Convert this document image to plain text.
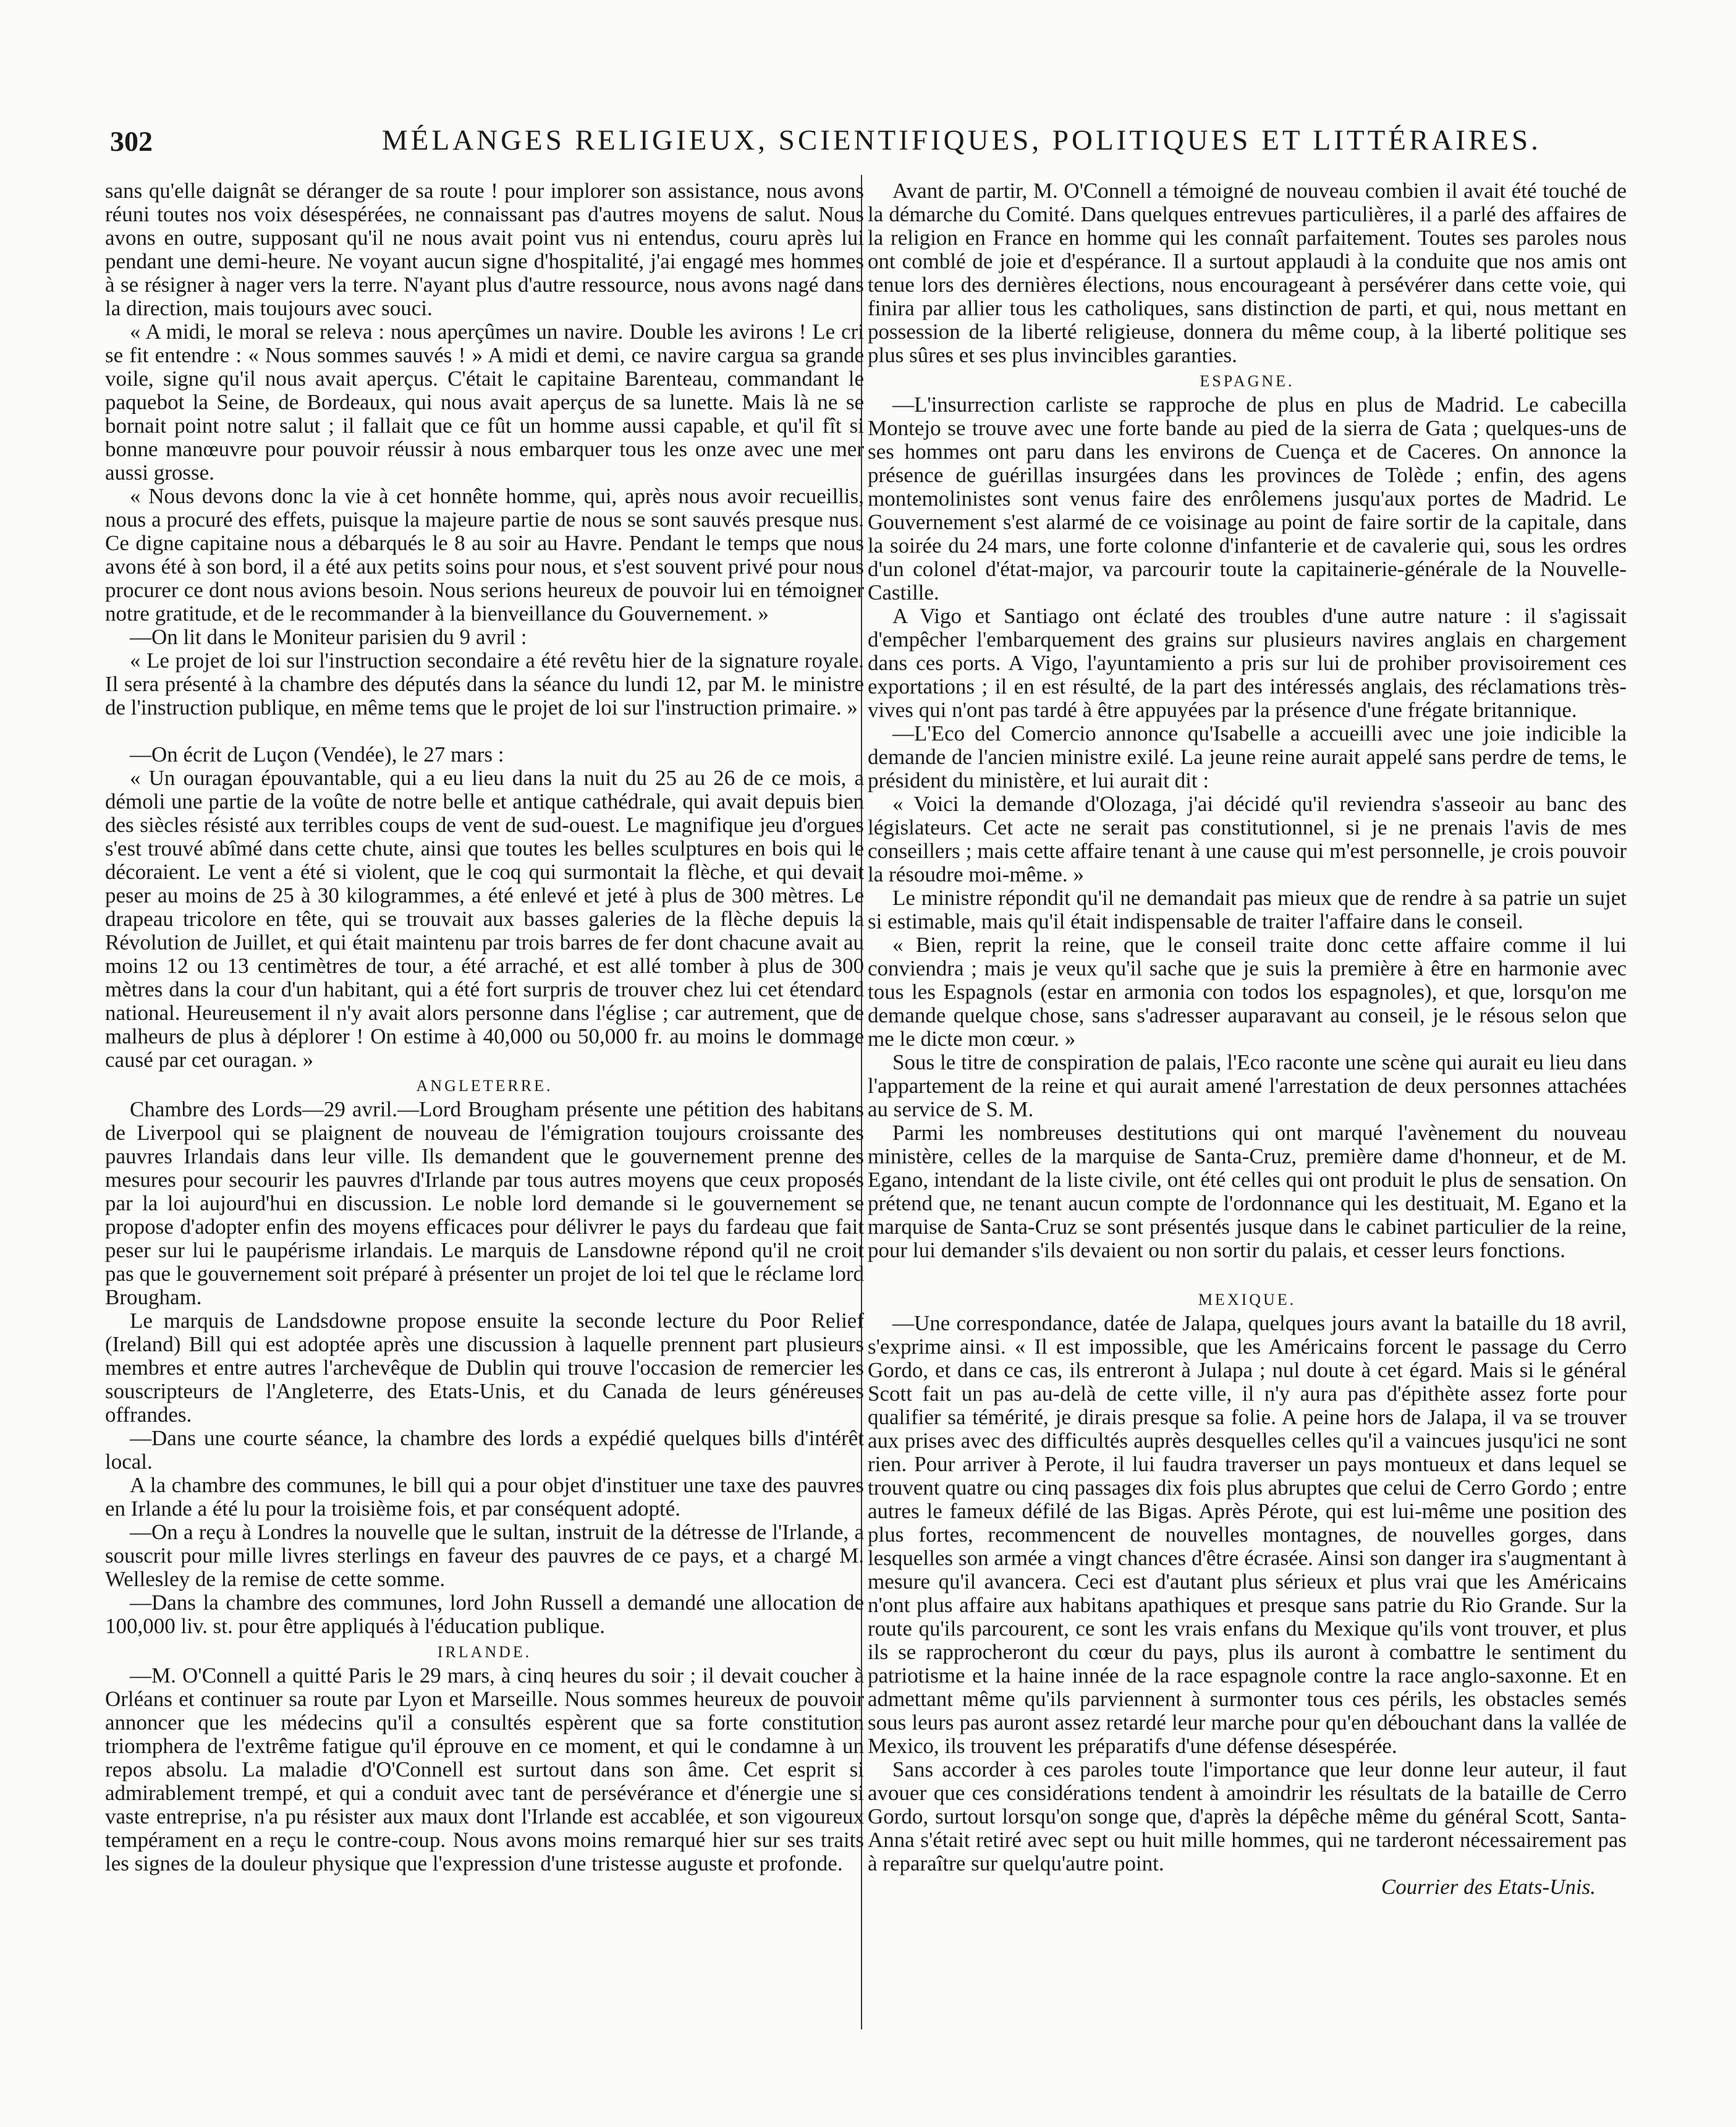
302	MÉLANGES RELIGIEUX, SCIENTIFIQUES, POLITIQUES ET LITTÉRAIRES.

sans qu'elle daignât se déranger de sa route ! pour implorer son assistance, nous avons réuni toutes nos voix désespérées, ne connaissant pas d'autres moyens de salut. Nous avons en outre, supposant qu'il ne nous avait point vus ni entendus, couru après lui pendant une demi-heure. Ne voyant aucun signe d'hospitalité, j'ai engagé mes hommes à se résigner à nager vers la terre. N'ayant plus d'autre ressource, nous avons nagé dans la direction, mais toujours avec souci.

« A midi, le moral se releva : nous aperçûmes un navire. Double les avirons ! Le cri se fit entendre : « Nous sommes sauvés ! » A midi et demi, ce navire cargua sa grande voile, signe qu'il nous avait aperçus. C'était le capitaine Barenteau, commandant le paquebot la Seine, de Bordeaux, qui nous avait aperçus de sa lunette. Mais là ne se bornait point notre salut ; il fallait que ce fût un homme aussi capable, et qu'il fît si bonne manœuvre pour pouvoir réussir à nous embarquer tous les onze avec une mer aussi grosse.

« Nous devons donc la vie à cet honnête homme, qui, après nous avoir recueillis, nous a procuré des effets, puisque la majeure partie de nous se sont sauvés presque nus. Ce digne capitaine nous a débarqués le 8 au soir au Havre. Pendant le temps que nous avons été à son bord, il a été aux petits soins pour nous, et s'est souvent privé pour nous procurer ce dont nous avions besoin. Nous serions heureux de pouvoir lui en témoigner notre gratitude, et de le recommander à la bienveillance du Gouvernement. »

—On lit dans le Moniteur parisien du 9 avril :

« Le projet de loi sur l'instruction secondaire a été revêtu hier de la signature royale. Il sera présenté à la chambre des députés dans la séance du lundi 12, par M. le ministre de l'instruction publique, en même tems que le projet de loi sur l'instruction primaire. »

—On écrit de Luçon (Vendée), le 27 mars :

« Un ouragan épouvantable, qui a eu lieu dans la nuit du 25 au 26 de ce mois, a démoli une partie de la voûte de notre belle et antique cathédrale, qui avait depuis bien des siècles résisté aux terribles coups de vent de sud-ouest. Le magnifique jeu d'orgues s'est trouvé abîmé dans cette chute, ainsi que toutes les belles sculptures en bois qui le décoraient. Le vent a été si violent, que le coq qui surmontait la flèche, et qui devait peser au moins de 25 à 30 kilogrammes, a été enlevé et jeté à plus de 300 mètres. Le drapeau tricolore en tête, qui se trouvait aux basses galeries de la flèche depuis la Révolution de Juillet, et qui était maintenu par trois barres de fer dont chacune avait au moins 12 ou 13 centimètres de tour, a été arraché, et est allé tomber à plus de 300 mètres dans la cour d'un habitant, qui a été fort surpris de trouver chez lui cet étendard national. Heureusement il n'y avait alors personne dans l'église ; car autrement, que de malheurs de plus à déplorer ! On estime à 40,000 ou 50,000 fr. au moins le dommage causé par cet ouragan. »

ANGLETERRE.

Chambre des Lords—29 avril.—Lord Brougham présente une pétition des habitans de Liverpool qui se plaignent de nouveau de l'émigration toujours croissante des pauvres Irlandais dans leur ville. Ils demandent que le gouvernement prenne des mesures pour secourir les pauvres d'Irlande par tous autres moyens que ceux proposés par la loi aujourd'hui en discussion. Le noble lord demande si le gouvernement se propose d'adopter enfin des moyens efficaces pour délivrer le pays du fardeau que fait peser sur lui le paupérisme irlandais. Le marquis de Lansdowne répond qu'il ne croit pas que le gouvernement soit préparé à présenter un projet de loi tel que le réclame lord Brougham.

Le marquis de Landsdowne propose ensuite la seconde lecture du Poor Relief (Ireland) Bill qui est adoptée après une discussion à laquelle prennent part plusieurs membres et entre autres l'archevêque de Dublin qui trouve l'occasion de remercier les souscripteurs de l'Angleterre, des Etats-Unis, et du Canada de leurs généreuses offrandes.

—Dans une courte séance, la chambre des lords a expédié quelques bills d'intérêt local.

A la chambre des communes, le bill qui a pour objet d'instituer une taxe des pauvres en Irlande a été lu pour la troisième fois, et par conséquent adopté.

—On a reçu à Londres la nouvelle que le sultan, instruit de la détresse de l'Irlande, a souscrit pour mille livres sterlings en faveur des pauvres de ce pays, et a chargé M. Wellesley de la remise de cette somme.

—Dans la chambre des communes, lord John Russell a demandé une allocation de 100,000 liv. st. pour être appliqués à l'éducation publique.

IRLANDE.

—M. O'Connell a quitté Paris le 29 mars, à cinq heures du soir ; il devait coucher à Orléans et continuer sa route par Lyon et Marseille. Nous sommes heureux de pouvoir annoncer que les médecins qu'il a consultés espèrent que sa forte constitution triomphera de l'extrême fatigue qu'il éprouve en ce moment, et qui le condamne à un repos absolu. La maladie d'O'Connell est surtout dans son âme. Cet esprit si admirablement trempé, et qui a conduit avec tant de persévérance et d'énergie une si vaste entreprise, n'a pu résister aux maux dont l'Irlande est accablée, et son vigoureux tempérament en a reçu le contre-coup. Nous avons moins remarqué hier sur ses traits les signes de la douleur physique que l'expression d'une tristesse auguste et profonde.

Avant de partir, M. O'Connell a témoigné de nouveau combien il avait été touché de la démarche du Comité. Dans quelques entrevues particulières, il a parlé des affaires de la religion en France en homme qui les connaît parfaitement. Toutes ses paroles nous ont comblé de joie et d'espérance. Il a surtout applaudi à la conduite que nos amis ont tenue lors des dernières élections, nous encourageant à persévérer dans cette voie, qui finira par allier tous les catholiques, sans distinction de parti, et qui, nous mettant en possession de la liberté religieuse, donnera du même coup, à la liberté politique ses plus sûres et ses plus invincibles garanties.

ESPAGNE.

—L'insurrection carliste se rapproche de plus en plus de Madrid. Le cabecilla Montejo se trouve avec une forte bande au pied de la sierra de Gata ; quelques-uns de ses hommes ont paru dans les environs de Cuença et de Caceres. On annonce la présence de guérillas insurgées dans les provinces de Tolède ; enfin, des agens montemolinistes sont venus faire des enrôlemens jusqu'aux portes de Madrid. Le Gouvernement s'est alarmé de ce voisinage au point de faire sortir de la capitale, dans la soirée du 24 mars, une forte colonne d'infanterie et de cavalerie qui, sous les ordres d'un colonel d'état-major, va parcourir toute la capitainerie-générale de la Nouvelle-Castille.

A Vigo et Santiago ont éclaté des troubles d'une autre nature : il s'agissait d'empêcher l'embarquement des grains sur plusieurs navires anglais en chargement dans ces ports. A Vigo, l'ayuntamiento a pris sur lui de prohiber provisoirement ces exportations ; il en est résulté, de la part des intéressés anglais, des réclamations très-vives qui n'ont pas tardé à être appuyées par la présence d'une frégate britannique.

—L'Eco del Comercio annonce qu'Isabelle a accueilli avec une joie indicible la demande de l'ancien ministre exilé. La jeune reine aurait appelé sans perdre de tems, le président du ministère, et lui aurait dit :

« Voici la demande d'Olozaga, j'ai décidé qu'il reviendra s'asseoir au banc des législateurs. Cet acte ne serait pas constitutionnel, si je ne prenais l'avis de mes conseillers ; mais cette affaire tenant à une cause qui m'est personnelle, je crois pouvoir la résoudre moi-même. »

Le ministre répondit qu'il ne demandait pas mieux que de rendre à sa patrie un sujet si estimable, mais qu'il était indispensable de traiter l'affaire dans le conseil.

« Bien, reprit la reine, que le conseil traite donc cette affaire comme il lui conviendra ; mais je veux qu'il sache que je suis la première à être en harmonie avec tous les Espagnols (estar en armonia con todos los espagnoles), et que, lorsqu'on me demande quelque chose, sans s'adresser auparavant au conseil, je le résous selon que me le dicte mon cœur. »

Sous le titre de conspiration de palais, l'Eco raconte une scène qui aurait eu lieu dans l'appartement de la reine et qui aurait amené l'arrestation de deux personnes attachées au service de S. M.

Parmi les nombreuses destitutions qui ont marqué l'avènement du nouveau ministère, celles de la marquise de Santa-Cruz, première dame d'honneur, et de M. Egano, intendant de la liste civile, ont été celles qui ont produit le plus de sensation. On prétend que, ne tenant aucun compte de l'ordonnance qui les destituait, M. Egano et la marquise de Santa-Cruz se sont présentés jusque dans le cabinet particulier de la reine, pour lui demander s'ils devaient ou non sortir du palais, et cesser leurs fonctions.

MEXIQUE.

—Une correspondance, datée de Jalapa, quelques jours avant la bataille du 18 avril, s'exprime ainsi. « Il est impossible, que les Américains forcent le passage du Cerro Gordo, et dans ce cas, ils entreront à Julapa ; nul doute à cet égard. Mais si le général Scott fait un pas au-delà de cette ville, il n'y aura pas d'épithète assez forte pour qualifier sa témérité, je dirais presque sa folie. A peine hors de Jalapa, il va se trouver aux prises avec des difficultés auprès desquelles celles qu'il a vaincues jusqu'ici ne sont rien. Pour arriver à Perote, il lui faudra traverser un pays montueux et dans lequel se trouvent quatre ou cinq passages dix fois plus abruptes que celui de Cerro Gordo ; entre autres le fameux défilé de las Bigas. Après Pérote, qui est lui-même une position des plus fortes, recommencent de nouvelles montagnes, de nouvelles gorges, dans lesquelles son armée a vingt chances d'être écrasée. Ainsi son danger ira s'augmentant à mesure qu'il avancera. Ceci est d'autant plus sérieux et plus vrai que les Américains n'ont plus affaire aux habitans apathiques et presque sans patrie du Rio Grande. Sur la route qu'ils parcourent, ce sont les vrais enfans du Mexique qu'ils vont trouver, et plus ils se rapprocheront du cœur du pays, plus ils auront à combattre le sentiment du patriotisme et la haine innée de la race espagnole contre la race anglo-saxonne. Et en admettant même qu'ils parviennent à surmonter tous ces périls, les obstacles semés sous leurs pas auront assez retardé leur marche pour qu'en débouchant dans la vallée de Mexico, ils trouvent les préparatifs d'une défense désespérée.

Sans accorder à ces paroles toute l'importance que leur donne leur auteur, il faut avouer que ces considérations tendent à amoindrir les résultats de la bataille de Cerro Gordo, surtout lorsqu'on songe que, d'après la dépêche même du général Scott, Santa-Anna s'était retiré avec sept ou huit mille hommes, qui ne tarderont nécessairement pas à reparaître sur quelqu'autre point.

Courrier des Etats-Unis.
